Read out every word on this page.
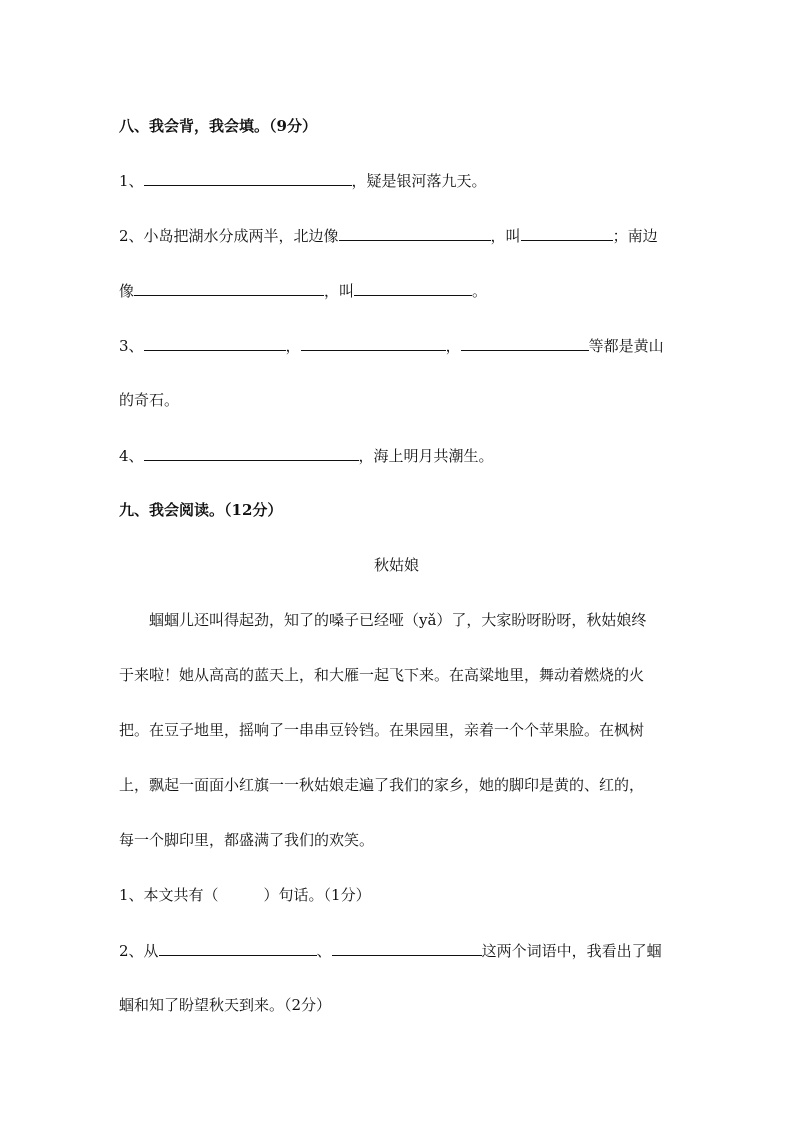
八、我会背，我会填。（9分）
1、	，疑是银河落九天。
2、小岛把湖水分成两半，北边像	，叫	；南边
像	，叫	。
3、	，	，	等都是黄山
的奇石。
4、	，海上明月共潮生。
九、我会阅读。（12分）
秋姑娘
蝈蝈儿还叫得起劲，知了的嗓子已经哑（yǎ）了，大家盼呀盼呀，秋姑娘终
于来啦！她从高高的蓝天上，和大雁一起飞下来。在高粱地里，舞动着燃烧的火
把。在豆子地里，摇响了一串串豆铃铛。在果园里，亲着一个个苹果脸。在枫树
上，飘起一面面小红旗一一秋姑娘走遍了我们的家乡，她的脚印是黄的、红的，
每一个脚印里，都盛满了我们的欢笑。
1、本文共有（　　　）句话。（1分）
2、从	、	这两个词语中，我看出了蝈
蝈和知了盼望秋天到来。（2分）
